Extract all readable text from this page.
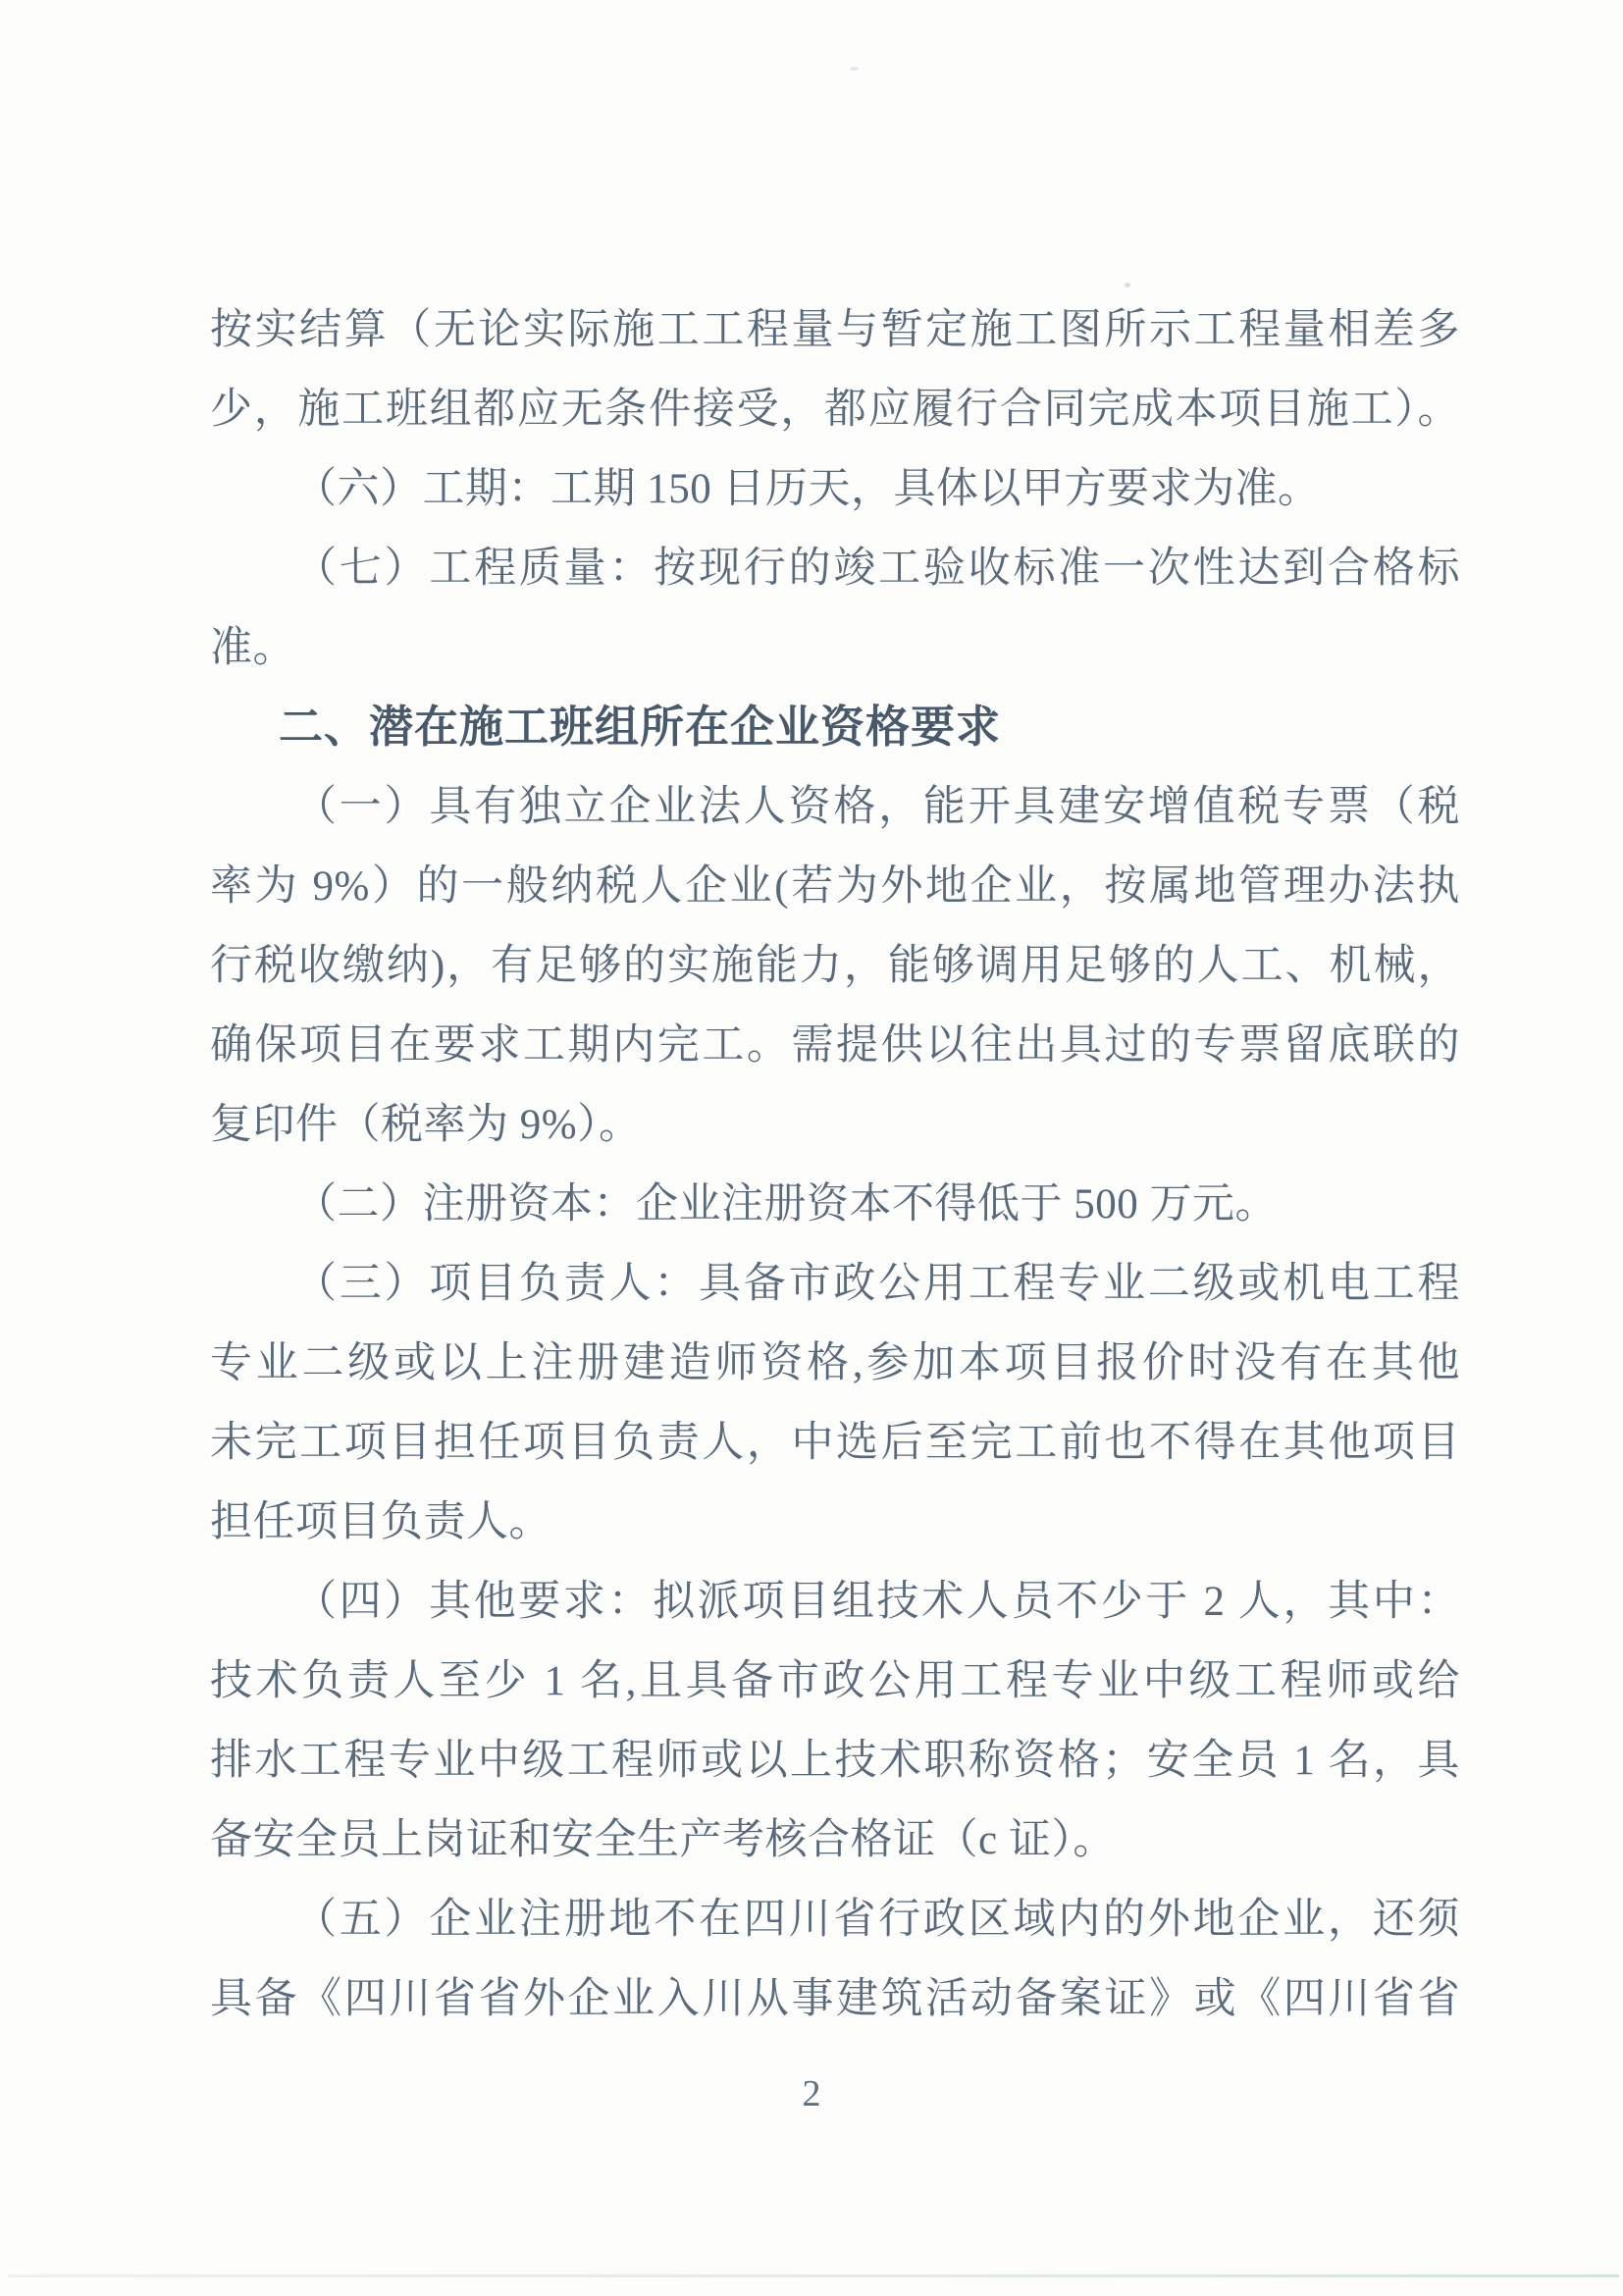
按实结算（无论实际施工工程量与暂定施工图所示工程量相差多
少，施工班组都应无条件接受，都应履行合同完成本项目施工）。
（六）工期：工期 150 日历天，具体以甲方要求为准。
（七）工程质量：按现行的竣工验收标准一次性达到合格标
准。
二、潜在施工班组所在企业资格要求
（一）具有独立企业法人资格，能开具建安增值税专票（税
率为 9%）的一般纳税人企业(若为外地企业，按属地管理办法执
行税收缴纳)，有足够的实施能力，能够调用足够的人工、机械，
确保项目在要求工期内完工。需提供以往出具过的专票留底联的
复印件（税率为 9%）。
（二）注册资本：企业注册资本不得低于 500 万元。
（三）项目负责人：具备市政公用工程专业二级或机电工程
专业二级或以上注册建造师资格,参加本项目报价时没有在其他
未完工项目担任项目负责人，中选后至完工前也不得在其他项目
担任项目负责人。
（四）其他要求：拟派项目组技术人员不少于 2 人，其中：
技术负责人至少 1 名,且具备市政公用工程专业中级工程师或给
排水工程专业中级工程师或以上技术职称资格；安全员 1 名，具
备安全员上岗证和安全生产考核合格证（c 证）。
（五）企业注册地不在四川省行政区域内的外地企业，还须
具备《四川省省外企业入川从事建筑活动备案证》或《四川省省
2
